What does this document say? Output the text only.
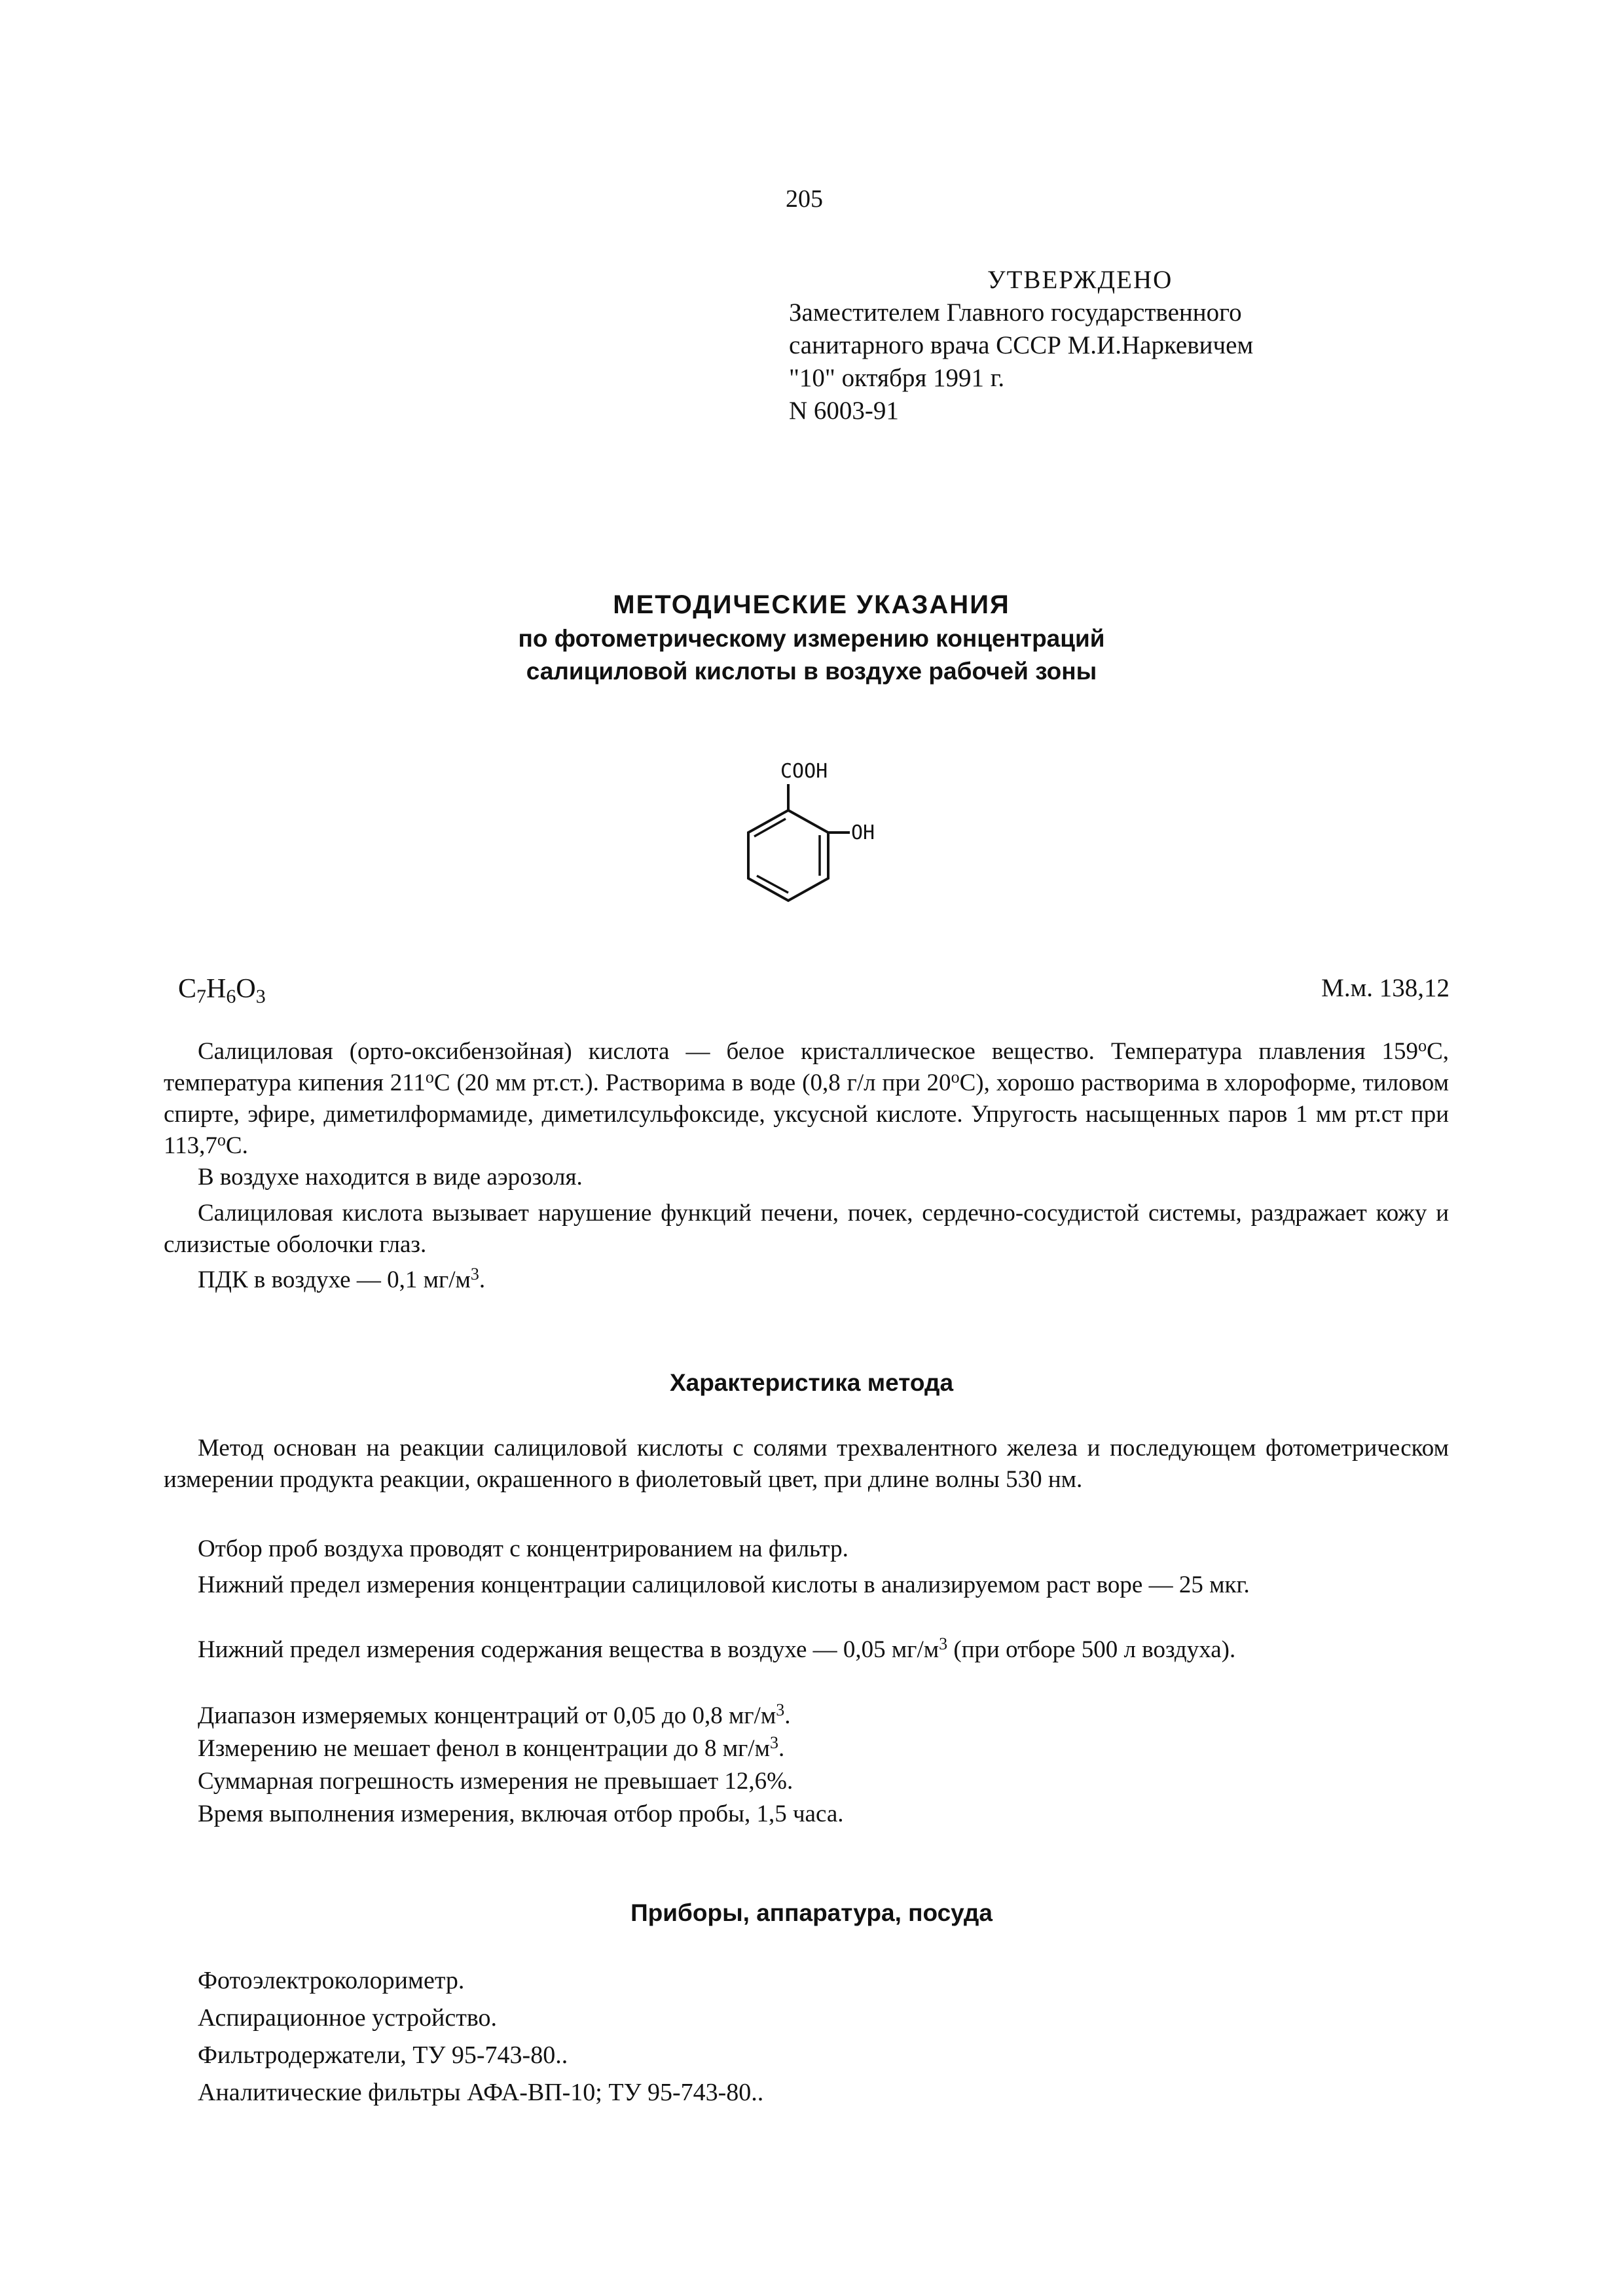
205
УТВЕРЖДЕНО
Заместителем Главного государственного
санитарного врача СССР М.И.Наркевичем
"10" октября 1991 г.
N 6003-91
МЕТОДИЧЕСКИЕ УКАЗАНИЯ
по фотометрическому измерению концентраций
салициловой кислоты в воздухе рабочей зоны
COOH
OH
$C_7H_6O_3$	М.м. 138,12
Салициловая (орто-оксибензойная) кислота — белое кристаллическое вещество. Температура плавления 159$^o$C, температура кипения 211$^o$C (20 мм рт.ст.). Растворима в воде (0,8 г/л при 20$^o$C), хорошо растворима в хлороформе, тиловом спирте, эфире, диметилформамиде, диметилсульфоксиде, уксусной кислоте. Упругость насыщенных паров 1 мм рт.ст при 113,7$^o$C.
В воздухе находится в виде аэрозоля.
Салициловая кислота вызывает нарушение функций печени, почек, сердечно-сосудистой системы, раздражает кожу и слизистые оболочки глаз.
ПДК в воздухе — 0,1 $мг/м^3$.
Характеристика метода
Метод основан на реакции салициловой кислоты с солями трехвалентного железа и последующем фотометрическом измерении продукта реакции, окрашенного в фиолетовый цвет, при длине волны 530 нм.
Отбор проб воздуха проводят с концентрированием на фильтр.
Нижний предел измерения концентрации салициловой кислоты в анализируемом раст воре — 25 мкг.
Нижний предел измерения содержания вещества в воздухе — 0,05 $мг/м^3$ (при отборе 500 л воздуха).
Диапазон измеряемых концентраций от 0,05 до 0,8 $мг/м^3$.
Измерению не мешает фенол в концентрации до 8 $мг/м^3$.
Суммарная погрешность измерения не превышает 12,6%.
Время выполнения измерения, включая отбор пробы, 1,5 часа.
Приборы, аппаратура, посуда
Фотоэлектроколориметр.
Аспирационное устройство.
Фильтродержатели, ТУ 95-743-80..
Аналитические фильтры АФА-ВП-10; ТУ 95-743-80..
